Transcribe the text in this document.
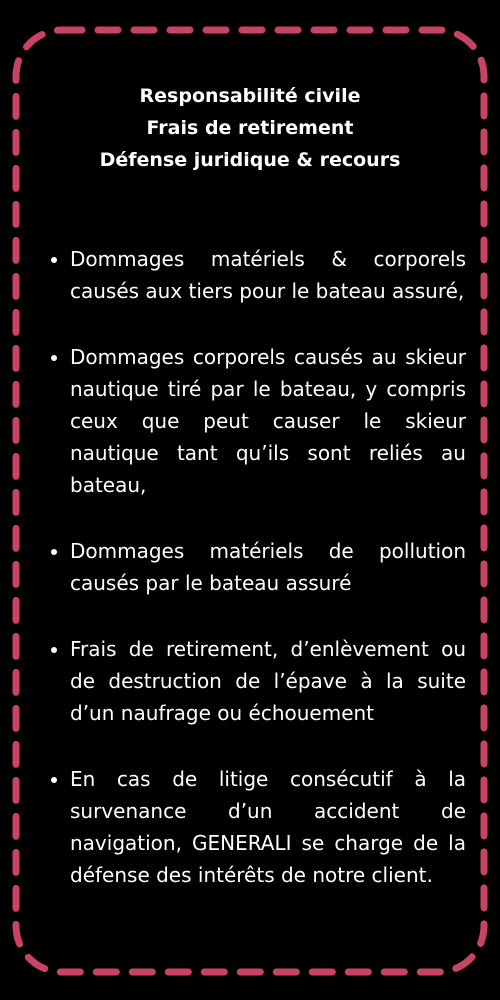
Responsabilité civile
Frais de retirement
Défense juridique & recours
Dommages matériels & corporels causés aux tiers pour le bateau assuré,
Dommages corporels causés au skieur nautique tiré par le bateau, y compris ceux que peut causer le skieur nautique tant qu’ils sont reliés au bateau,
Dommages matériels de pollution causés par le bateau assuré
Frais de retirement, d’enlèvement ou de destruction de l’épave à la suite d’un naufrage ou échouement
En cas de litige consécutif à la survenance d’un accident de navigation, GENERALI se charge de la défense des intérêts de notre client.
